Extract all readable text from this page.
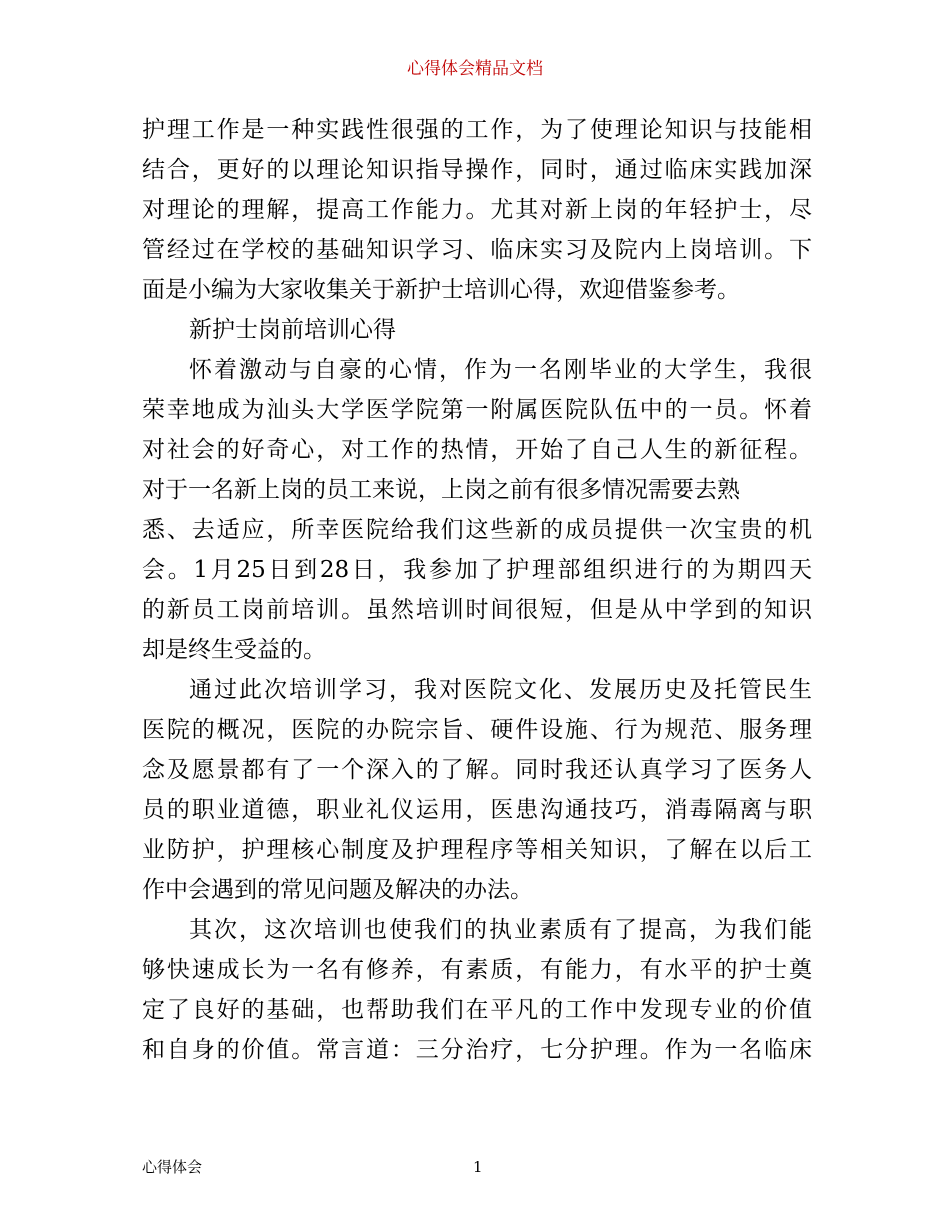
心得体会精品文档
护理工作是一种实践性很强的工作，为了使理论知识与技能相
结合，更好的以理论知识指导操作，同时，通过临床实践加深
对理论的理解，提高工作能力。尤其对新上岗的年轻护士，尽
管经过在学校的基础知识学习、临床实习及院内上岗培训。下
面是小编为大家收集关于新护士培训心得，欢迎借鉴参考。
新护士岗前培训心得
怀着激动与自豪的心情，作为一名刚毕业的大学生，我很
荣幸地成为汕头大学医学院第一附属医院队伍中的一员。怀着
对社会的好奇心，对工作的热情，开始了自己人生的新征程。
对于一名新上岗的员工来说，上岗之前有很多情况需要去熟
悉、去适应，所幸医院给我们这些新的成员提供一次宝贵的机
会。1月25日到28日，我参加了护理部组织进行的为期四天
的新员工岗前培训。虽然培训时间很短，但是从中学到的知识
却是终生受益的。
通过此次培训学习，我对医院文化、发展历史及托管民生
医院的概况，医院的办院宗旨、硬件设施、行为规范、服务理
念及愿景都有了一个深入的了解。同时我还认真学习了医务人
员的职业道德，职业礼仪运用，医患沟通技巧，消毒隔离与职
业防护，护理核心制度及护理程序等相关知识，了解在以后工
作中会遇到的常见问题及解决的办法。
其次，这次培训也使我们的执业素质有了提高，为我们能
够快速成长为一名有修养，有素质，有能力，有水平的护士奠
定了良好的基础，也帮助我们在平凡的工作中发现专业的价值
和自身的价值。常言道：三分治疗，七分护理。作为一名临床
心得体会	1
